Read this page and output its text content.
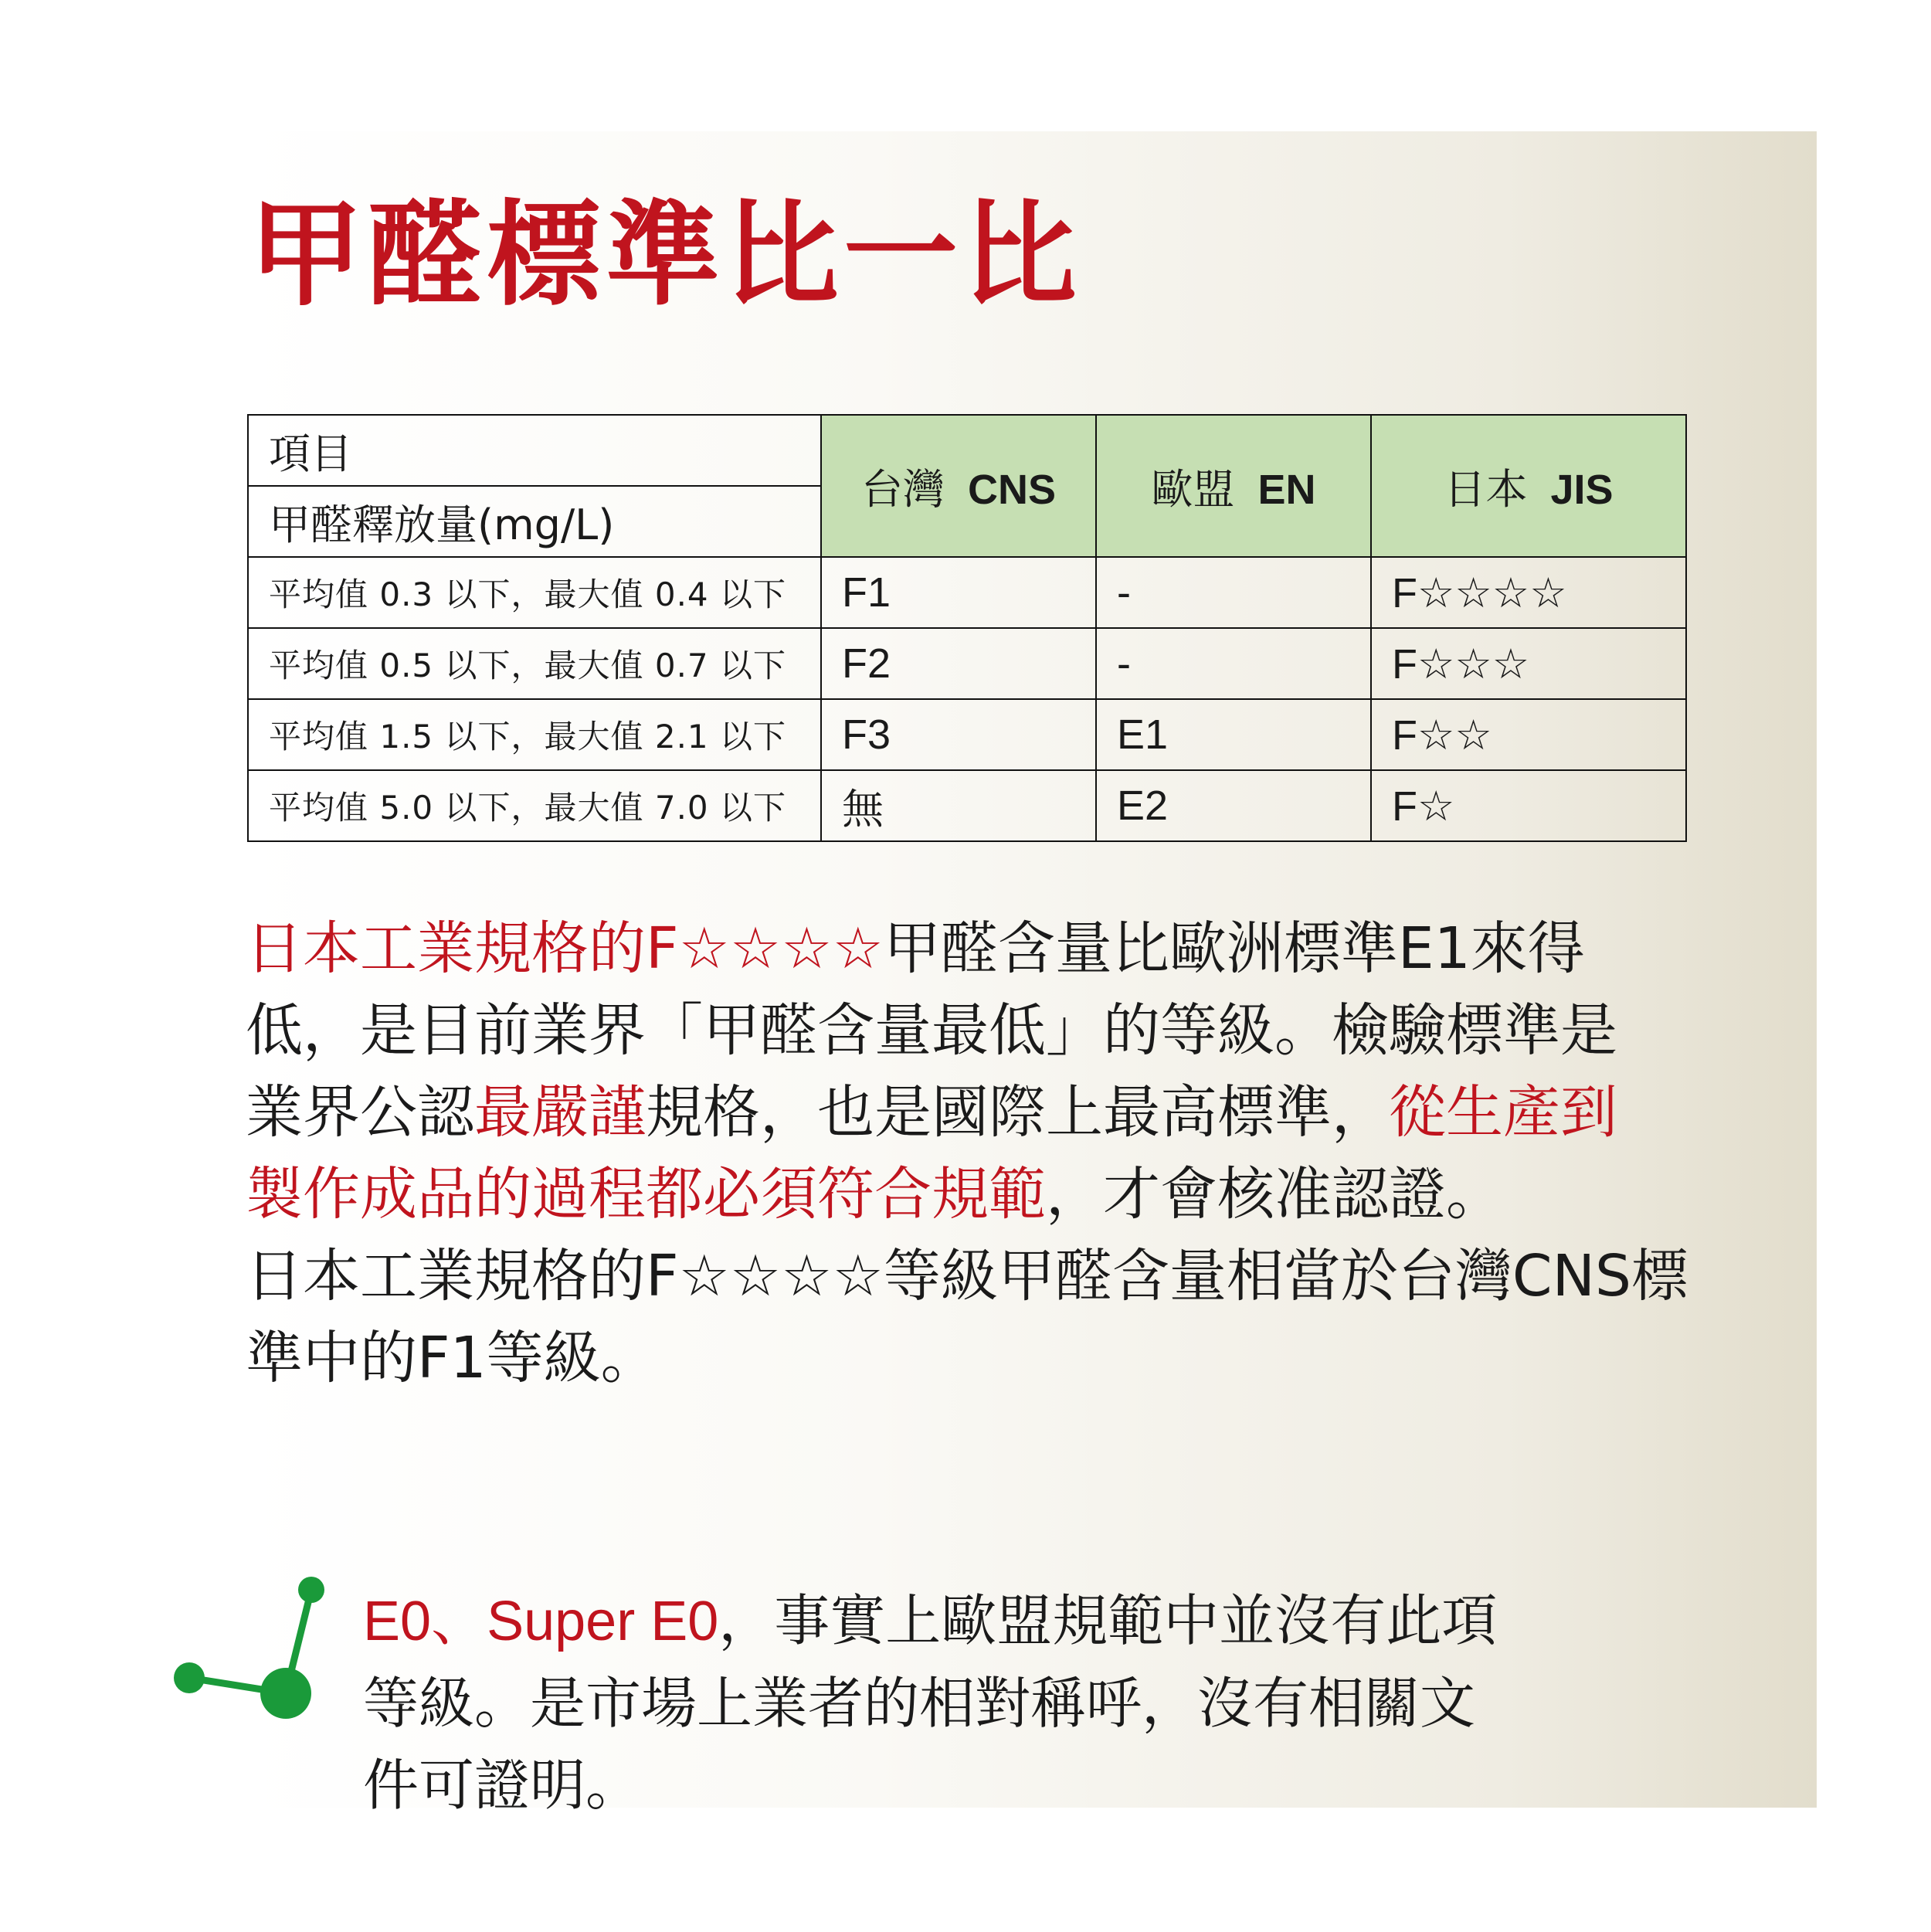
甲醛標準比一比
項目	台灣 CNS	歐盟 EN	日本 JIS
甲醛釋放量(mg/L)			
平均值 0.3 以下，最大值 0.4 以下	F1	-	F☆☆☆☆
平均值 0.5 以下，最大值 0.7 以下	F2	-	F☆☆☆
平均值 1.5 以下，最大值 2.1 以下	F3	E1	F☆☆
平均值 5.0 以下，最大值 7.0 以下	無	E2	F☆
日本工業規格的F☆☆☆☆甲醛含量比歐洲標準E1來得
低，是目前業界「甲醛含量最低」的等級。檢驗標準是
業界公認最嚴謹規格，也是國際上最高標準，從生產到
製作成品的過程都必須符合規範，才會核准認證。
日本工業規格的F☆☆☆☆等級甲醛含量相當於台灣CNS標
準中的F1等級。
E0、Super E0，事實上歐盟規範中並沒有此項
等級。是市場上業者的相對稱呼，沒有相關文
件可證明。
